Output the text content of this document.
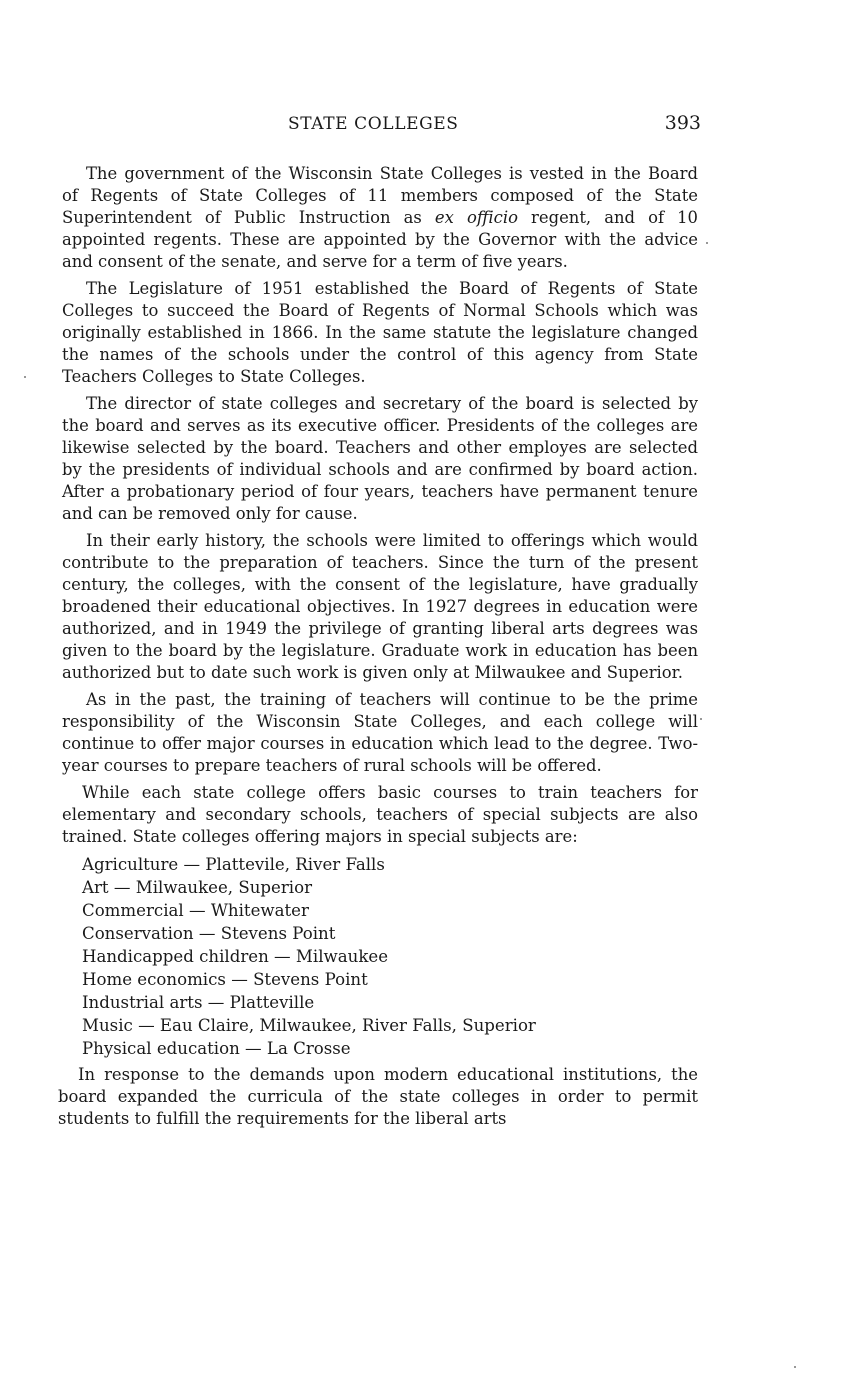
STATE COLLEGES	393

The government of the Wisconsin State Colleges is vested in the Board of Regents of State Colleges of 11 members composed of the State Superintendent of Public Instruction as ex officio regent, and of 10 appointed regents. These are appointed by the Governor with the advice and consent of the senate, and serve for a term of five years.

The Legislature of 1951 established the Board of Regents of State Colleges to succeed the Board of Regents of Normal Schools which was originally established in 1866. In the same statute the legislature changed the names of the schools under the control of this agency from State Teachers Colleges to State Colleges.

The director of state colleges and secretary of the board is selected by the board and serves as its executive officer. Presidents of the colleges are likewise selected by the board. Teachers and other employes are selected by the presidents of individual schools and are confirmed by board action. After a probationary period of four years, teachers have permanent tenure and can be removed only for cause.

In their early history, the schools were limited to offerings which would contribute to the preparation of teachers. Since the turn of the present century, the colleges, with the consent of the legislature, have gradually broadened their educational objectives. In 1927 degrees in education were authorized, and in 1949 the privilege of granting liberal arts degrees was given to the board by the legislature. Graduate work in education has been authorized but to date such work is given only at Milwaukee and Superior.

As in the past, the training of teachers will continue to be the prime responsibility of the Wisconsin State Colleges, and each college will continue to offer major courses in education which lead to the degree. Two-year courses to prepare teachers of rural schools will be offered.

While each state college offers basic courses to train teachers for elementary and secondary schools, teachers of special subjects are also trained. State colleges offering majors in special subjects are:

Agriculture — Plattevile, River Falls
Art — Milwaukee, Superior
Commercial — Whitewater
Conservation — Stevens Point
Handicapped children — Milwaukee
Home economics — Stevens Point
Industrial arts — Platteville
Music — Eau Claire, Milwaukee, River Falls, Superior
Physical education — La Crosse

In response to the demands upon modern educational institutions, the board expanded the curricula of the state colleges in order to permit students to fulfill the requirements for the liberal arts
